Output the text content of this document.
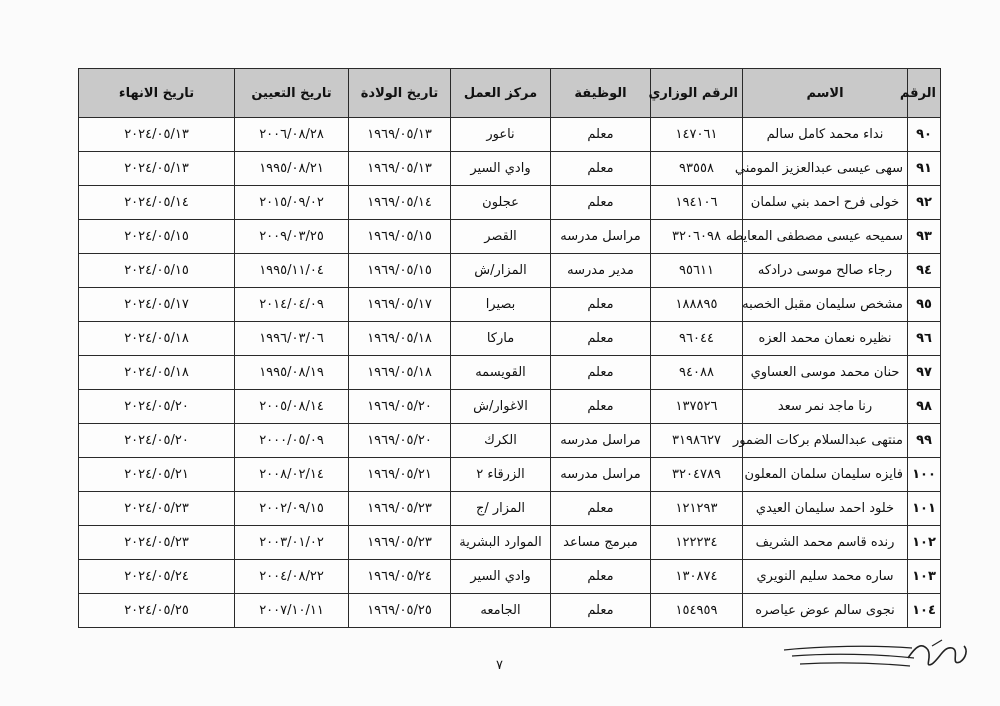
الرقم	الاسم	الرقم الوزاري	الوظيفة	مركز العمل	تاريخ الولادة	تاريخ التعيين	تاريخ الانهاء
٩٠	نداء محمد كامل سالم	١٤٧٠٦١	معلم	ناعور	١٩٦٩/٠٥/١٣	٢٠٠٦/٠٨/٢٨	٢٠٢٤/٠٥/١٣
٩١	سهى عيسى عبدالعزيز المومني	٩٣٥٥٨	معلم	وادي السير	١٩٦٩/٠٥/١٣	١٩٩٥/٠٨/٢١	٢٠٢٤/٠٥/١٣
٩٢	خولى فرح احمد بني سلمان	١٩٤١٠٦	معلم	عجلون	١٩٦٩/٠٥/١٤	٢٠١٥/٠٩/٠٢	٢٠٢٤/٠٥/١٤
٩٣	سميحه عيسى مصطفى المعايطه	٣٢٠٦٠٩٨	مراسل مدرسه	القصر	١٩٦٩/٠٥/١٥	٢٠٠٩/٠٣/٢٥	٢٠٢٤/٠٥/١٥
٩٤	رجاء صالح موسى درادكه	٩٥٦١١	مدير مدرسه	المزار/ش	١٩٦٩/٠٥/١٥	١٩٩٥/١١/٠٤	٢٠٢٤/٠٥/١٥
٩٥	مشخص سليمان مقبل الخصبه	١٨٨٨٩٥	معلم	بصيرا	١٩٦٩/٠٥/١٧	٢٠١٤/٠٤/٠٩	٢٠٢٤/٠٥/١٧
٩٦	نظيره نعمان محمد العزه	٩٦٠٤٤	معلم	ماركا	١٩٦٩/٠٥/١٨	١٩٩٦/٠٣/٠٦	٢٠٢٤/٠٥/١٨
٩٧	حنان محمد موسى العساوي	٩٤٠٨٨	معلم	القويسمه	١٩٦٩/٠٥/١٨	١٩٩٥/٠٨/١٩	٢٠٢٤/٠٥/١٨
٩٨	رنا ماجد نمر سعد	١٣٧٥٢٦	معلم	الاغوار/ش	١٩٦٩/٠٥/٢٠	٢٠٠٥/٠٨/١٤	٢٠٢٤/٠٥/٢٠
٩٩	منتهى عبدالسلام بركات الضمور	٣١٩٨٦٢٧	مراسل مدرسه	الكرك	١٩٦٩/٠٥/٢٠	٢٠٠٠/٠٥/٠٩	٢٠٢٤/٠٥/٢٠
١٠٠	فايزه سليمان سلمان المعلون	٣٢٠٤٧٨٩	مراسل مدرسه	الزرقاء ٢	١٩٦٩/٠٥/٢١	٢٠٠٨/٠٢/١٤	٢٠٢٤/٠٥/٢١
١٠١	خلود احمد سليمان العيدي	١٢١٢٩٣	معلم	المزار /ج	١٩٦٩/٠٥/٢٣	٢٠٠٢/٠٩/١٥	٢٠٢٤/٠٥/٢٣
١٠٢	رنده قاسم محمد الشريف	١٢٢٢٣٤	مبرمج مساعد	الموارد البشرية	١٩٦٩/٠٥/٢٣	٢٠٠٣/٠١/٠٢	٢٠٢٤/٠٥/٢٣
١٠٣	ساره محمد سليم النويري	١٣٠٨٧٤	معلم	وادي السير	١٩٦٩/٠٥/٢٤	٢٠٠٤/٠٨/٢٢	٢٠٢٤/٠٥/٢٤
١٠٤	نجوى سالم عوض عياصره	١٥٤٩٥٩	معلم	الجامعه	١٩٦٩/٠٥/٢٥	٢٠٠٧/١٠/١١	٢٠٢٤/٠٥/٢٥
٧
